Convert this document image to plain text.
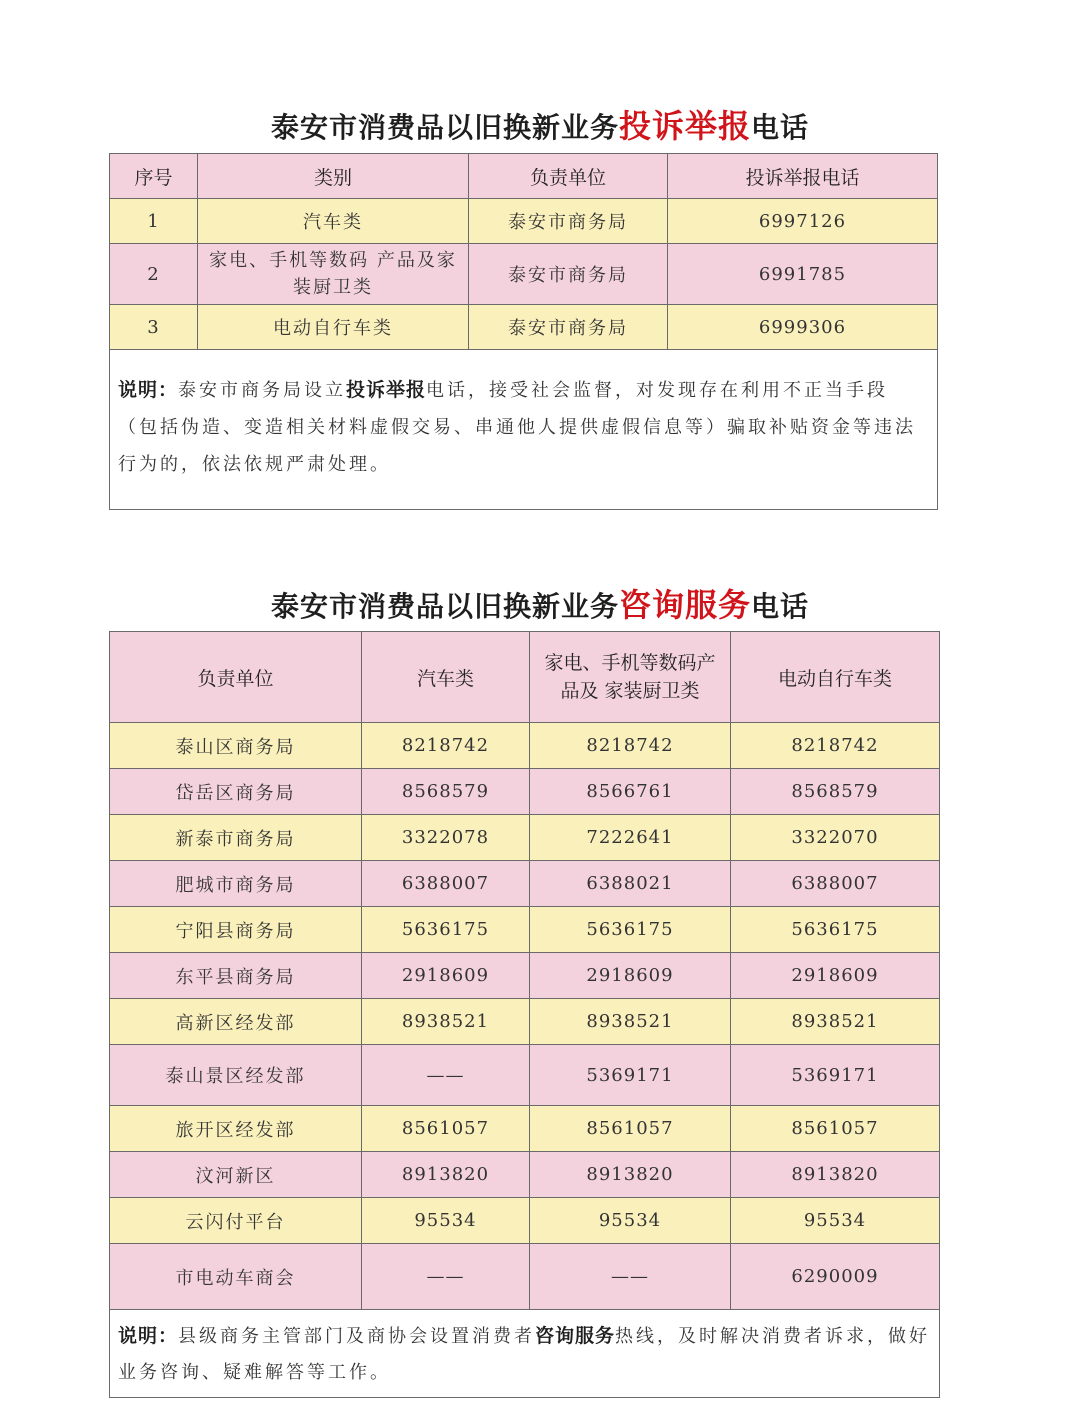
泰安市消费品以旧换新业务投诉举报电话
序号	类别	负责单位	投诉举报电话
1	汽车类	泰安市商务局	6997126
2	家电、手机等数码 产品及家装厨卫类	泰安市商务局	6991785
3	电动自行车类	泰安市商务局	6999306
说明：泰安市商务局设立投诉举报电话，接受社会监督，对发现存在利用不正当手段（包括伪造、变造相关材料虚假交易、串通他人提供虚假信息等）骗取补贴资金等违法行为的，依法依规严肃处理。			
泰安市消费品以旧换新业务咨询服务电话
负责单位	汽车类	家电、手机等数码产品及 家装厨卫类	电动自行车类
泰山区商务局	8218742	8218742	8218742
岱岳区商务局	8568579	8566761	8568579
新泰市商务局	3322078	7222641	3322070
肥城市商务局	6388007	6388021	6388007
宁阳县商务局	5636175	5636175	5636175
东平县商务局	2918609	2918609	2918609
高新区经发部	8938521	8938521	8938521
泰山景区经发部	——	5369171	5369171
旅开区经发部	8561057	8561057	8561057
汶河新区	8913820	8913820	8913820
云闪付平台	95534	95534	95534
市电动车商会	——	——	6290009
说明：县级商务主管部门及商协会设置消费者咨询服务热线，及时解决消费者诉求，做好业务咨询、疑难解答等工作。			
